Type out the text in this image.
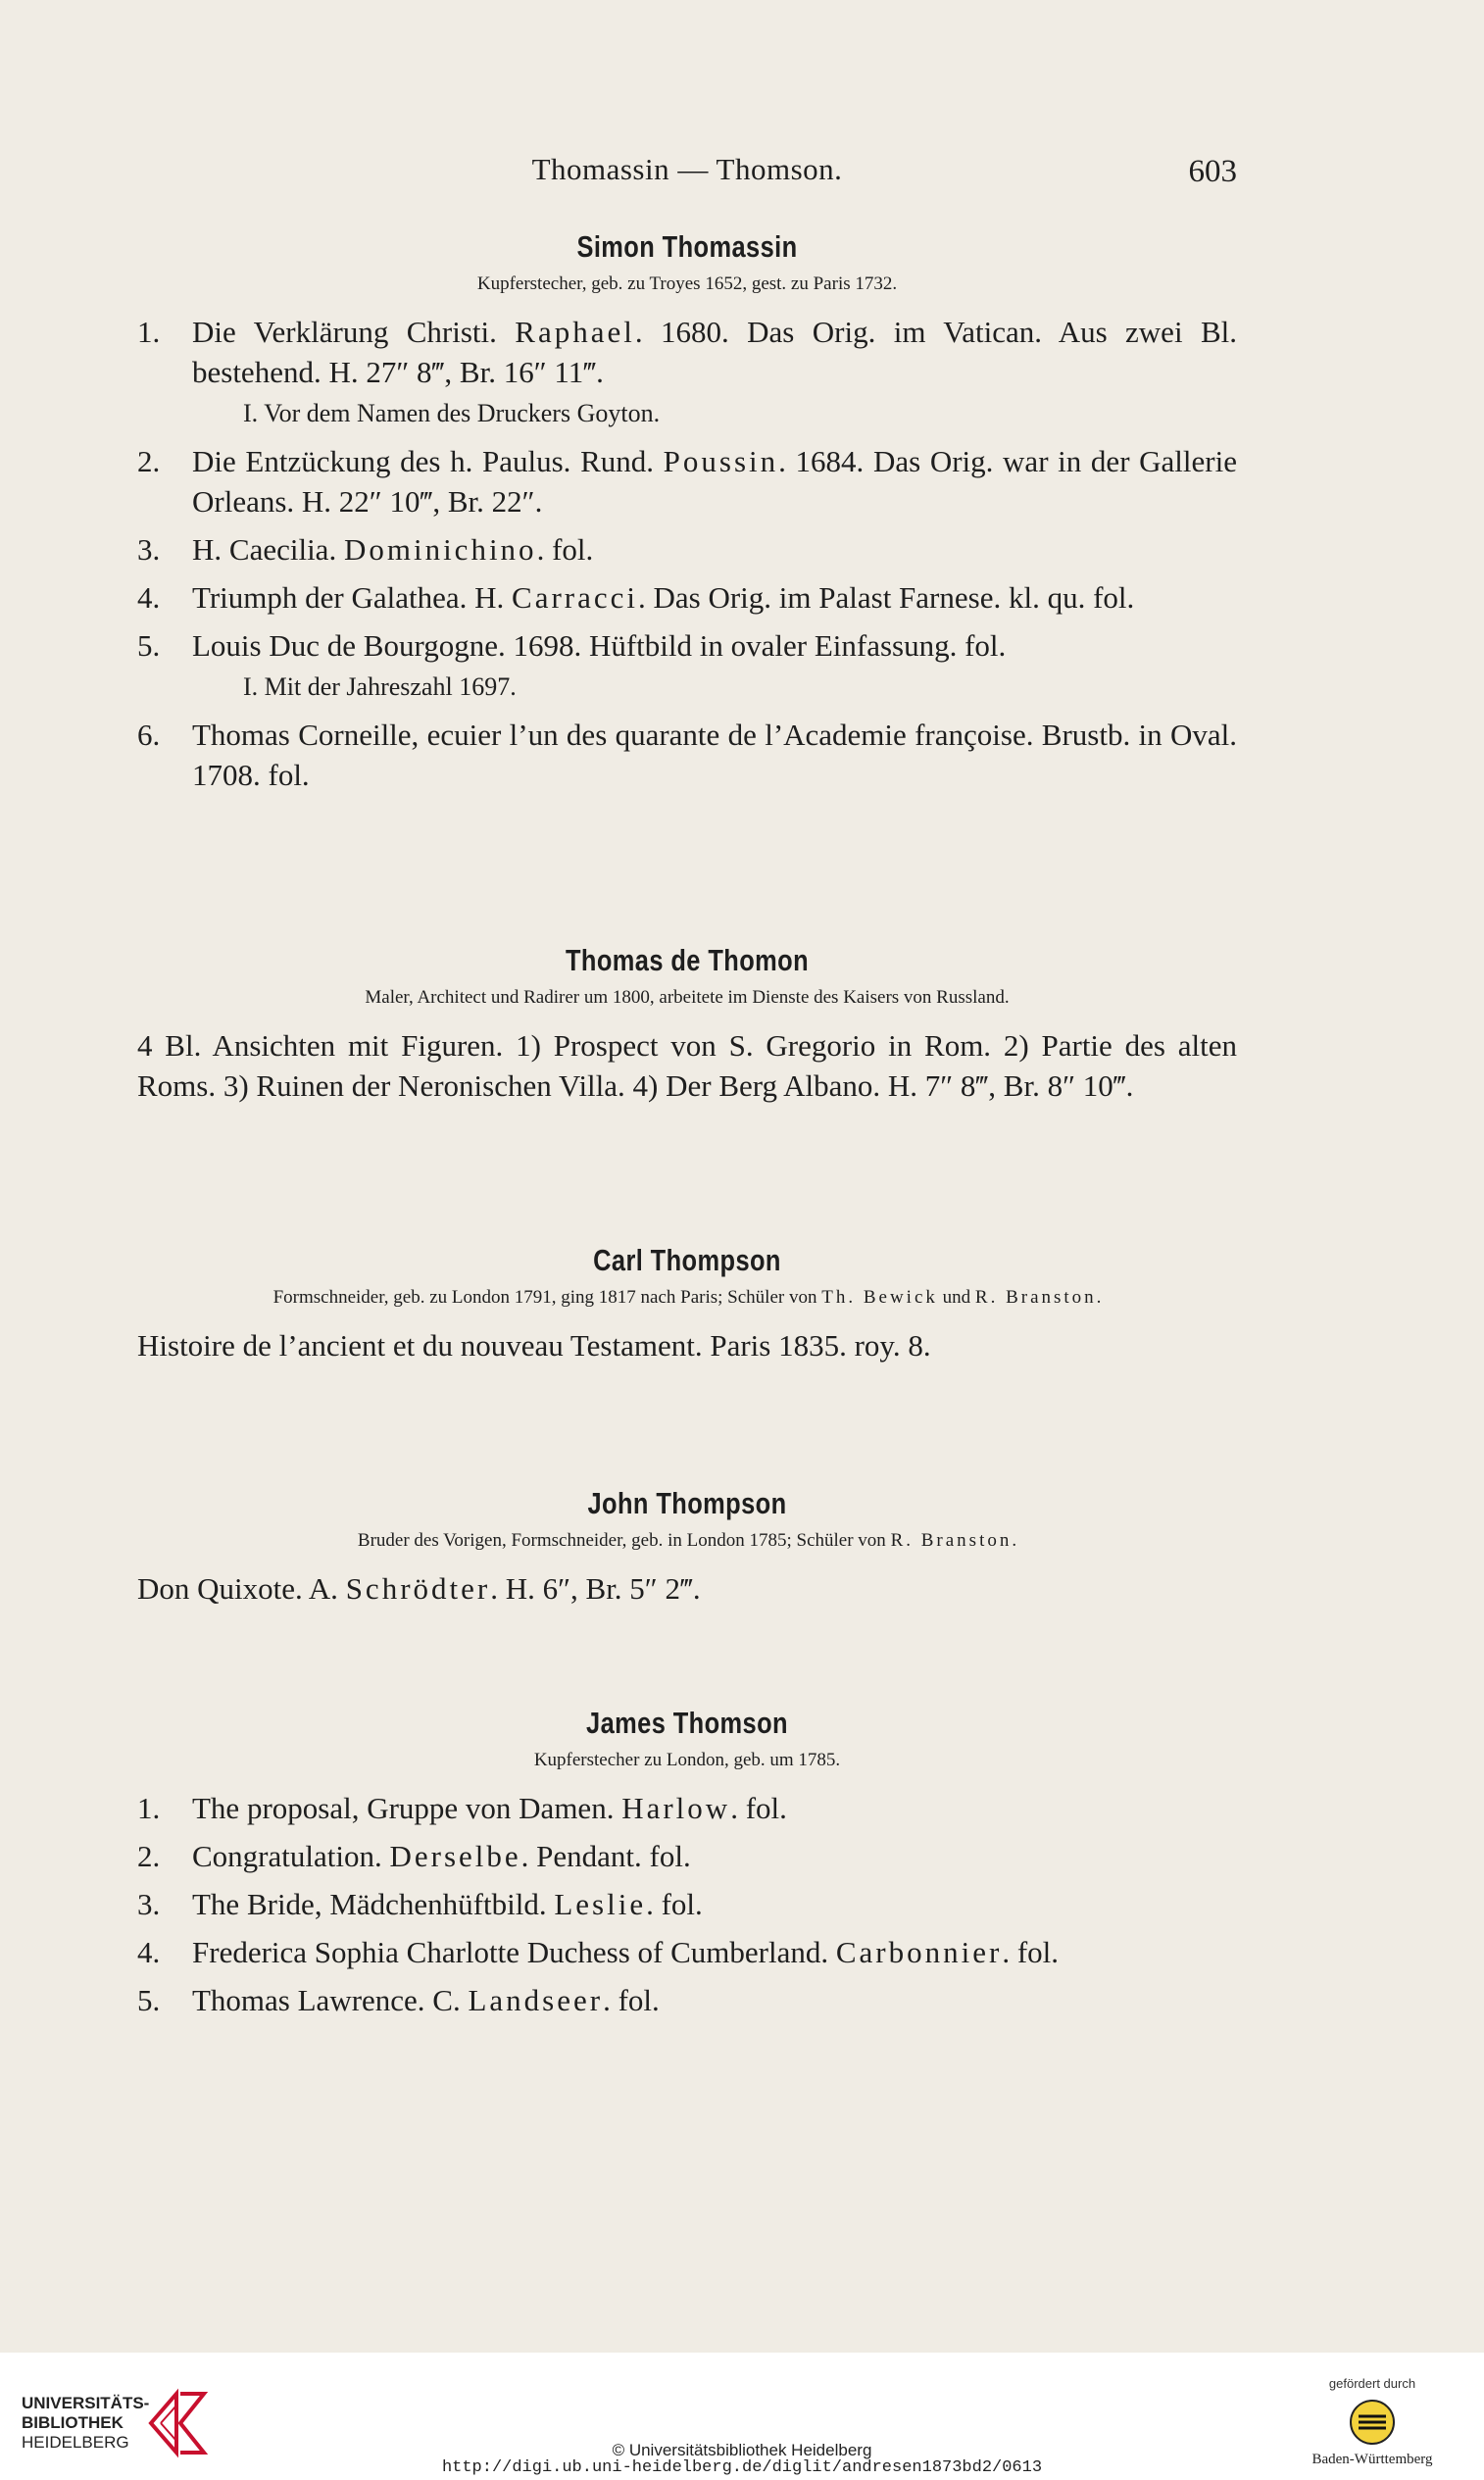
Thomassin — Thomson.	603
Simon Thomassin
Kupferstecher, geb. zu Troyes 1652, gest. zu Paris 1732.
1. Die Verklärung Christi. Raphael. 1680. Das Orig. im Vatican. Aus zwei Bl. bestehend. H. 27″ 8‴, Br. 16″ 11‴.
I. Vor dem Namen des Druckers Goyton.
2. Die Entzückung des h. Paulus. Rund. Poussin. 1684. Das Orig. war in der Gallerie Orleans. H. 22″ 10‴, Br. 22″.
3. H. Caecilia. Dominichino. fol.
4. Triumph der Galathea. H. Carracci. Das Orig. im Palast Farnese. kl. qu. fol.
5. Louis Duc de Bourgogne. 1698. Hüftbild in ovaler Einfassung. fol.
I. Mit der Jahreszahl 1697.
6. Thomas Corneille, ecuier l’un des quarante de l’Academie françoise. Brustb. in Oval. 1708. fol.
Thomas de Thomon
Maler, Architect und Radirer um 1800, arbeitete im Dienste des Kaisers von Russland.

4 Bl. Ansichten mit Figuren. 1) Prospect von S. Gregorio in Rom. 2) Partie des alten Roms. 3) Ruinen der Neronischen Villa. 4) Der Berg Albano. H. 7″ 8‴, Br. 8″ 10‴.

Carl Thompson
Formschneider, geb. zu London 1791, ging 1817 nach Paris; Schüler von Th. Bewick und R. Branston.

Histoire de l’ancient et du nouveau Testament. Paris 1835. roy. 8.

John Thompson
Bruder des Vorigen, Formschneider, geb. in London 1785; Schüler von R. Branston.

Don Quixote. A. Schrödter. H. 6″, Br. 5″ 2‴.

James Thomson
Kupferstecher zu London, geb. um 1785.
1. The proposal, Gruppe von Damen. Harlow. fol.
2. Congratulation. Derselbe. Pendant. fol.
3. The Bride, Mädchenhüftbild. Leslie. fol.
4. Frederica Sophia Charlotte Duchess of Cumberland. Carbonnier. fol.
5. Thomas Lawrence. C. Landseer. fol.
UNIVERSITÄTS-
BIBLIOTHEK
HEIDELBERG	© Universitätsbibliothek Heidelberg
http://digi.ub.uni-heidelberg.de/diglit/andresen1873bd2/0613
gefördert durch
Baden-Württemberg
